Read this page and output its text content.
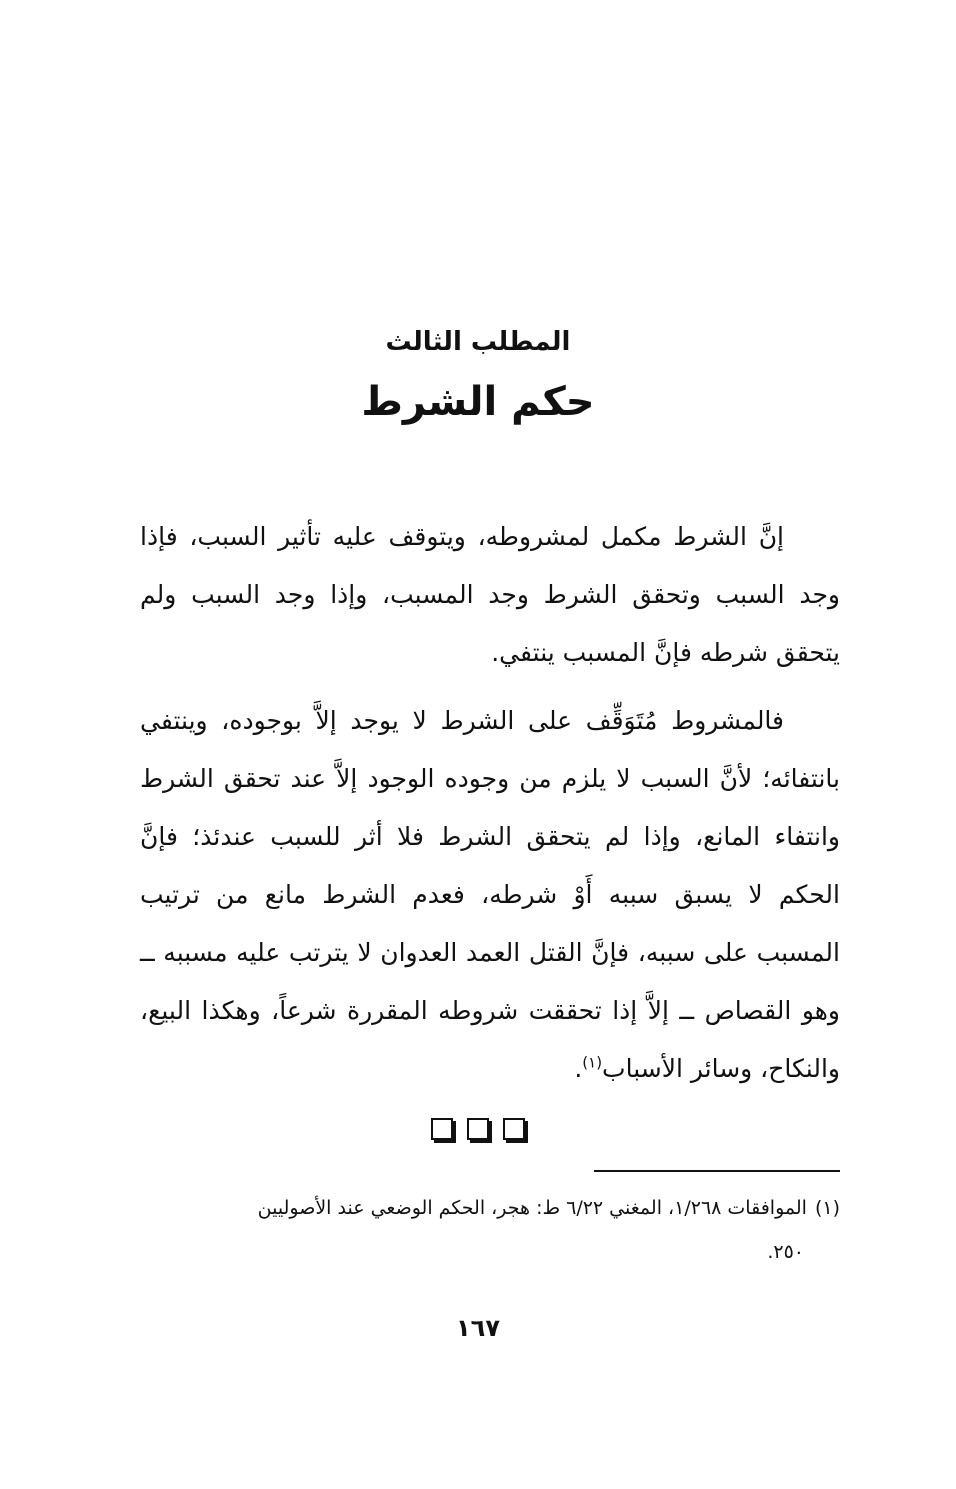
المطلب الثالث
حكم الشرط

إنَّ الشرط مكمل لمشروطه، ويتوقف عليه تأثير السبب، فإذا وجد السبب وتحقق الشرط وجد المسبب، وإذا وجد السبب ولم يتحقق شرطه فإنَّ المسبب ينتفي.

فالمشروط مُتَوَقِّف على الشرط لا يوجد إلاَّ بوجوده، وينتفي بانتفائه؛ لأنَّ السبب لا يلزم من وجوده الوجود إلاَّ عند تحقق الشرط وانتفاء المانع، وإذا لم يتحقق الشرط فلا أثر للسبب عندئذ؛ فإنَّ الحكم لا يسبق سببه أَوْ شرطه، فعدم الشرط مانع من ترتيب المسبب على سببه، فإنَّ القتل العمد العدوان لا يترتب عليه مسببه ــ وهو القصاص ــ إلاَّ إذا تحققت شروطه المقررة شرعاً، وهكذا البيع، والنكاح، وسائر الأسباب$^{(١)}$.

(١)الموافقات ١/٢٦٨، المغني ٦/٢٢ ط: هجر، الحكم الوضعي عند الأصوليين
٢٥٠.
١٦٧
